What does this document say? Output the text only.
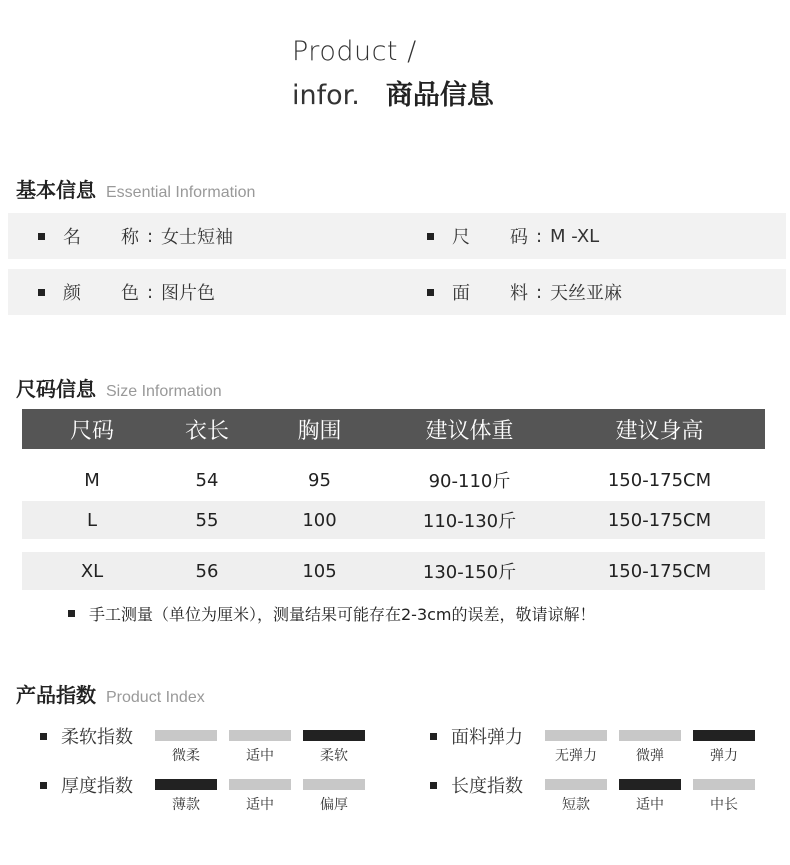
Product /
infor. 商品信息
基本信息 Essential Information
名	称 : 女士短袖	尺	码 : M -XL
颜	色 : 图片色	面	料 : 天丝亚麻
尺码信息 Size Information
尺码	衣长	胸围	建议体重	建议身高
M	54	95	90-110斤	150-175CM
L	55	100	110-130斤	150-175CM
XL	56	105	130-150斤	150-175CM
手工测量（单位为厘米），测量结果可能存在2-3cm的误差，敬请谅解！
产品指数 Product Index
柔软指数
微柔	适中	柔软
面料弹力
无弹力	微弹	弹力
厚度指数
薄款	适中	偏厚
长度指数
短款	适中	中长
